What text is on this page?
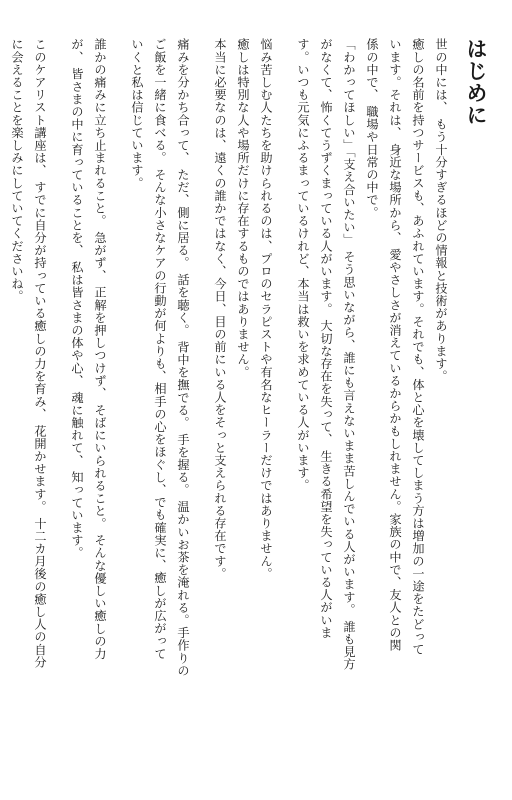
はじめに

世の中には、 もう十分すぎるほどの情報と技術があります。
癒しの名前を持つサービスも、あふれています。それでも、体と心を壊してしまう方は増加の一途をたどって
います。それは、 身近な場所から、 愛やさしさが消えているからかもしれません。家族の中で、友人との関
係の中で、 職場や日常の中で。
「わかってほしい」「支え合いたい」 そう思いながら、誰にも言えないまま苦しんでいる人がいます。 誰も見方
がなくて、怖くてうずくまっている人がいます。 大切な存在を失って、 生きる希望を失っている人がいま
す。いつも元気にふるまっているけれど、本当は救いを求めている人がいます。

悩み苦しむ人たちを助けられるのは、プロのセラピストや有名なヒーラーだけではありません。
癒しは特別な人や場所だけに存在するものではありません。
本当に必要なのは、遠くの誰かではなく、今日、目の前にいる人をそっと支えられる存在です。

痛みを分かち合って、 ただ、側に居る。 話を聴く。 背中を撫でる。 手を握る。 温かいお茶を淹れる。手作りの
ご飯を一緒に食べる。 そんな小さなケアの行動が何よりも、相手の心をほぐし、でも確実に、癒しが広がって
いくと私は信じています。

誰かの痛みに立ち止まれること。 急がず、 正解を押しつけず、 そばにいられること。 そんな優しい癒しの力
が、 皆さまの中に育っていることを、 私は皆さまの体や心、 魂に触れて、 知っています。

このケアリスト講座は、 すでに自分が持っている癒しの力を育み、 花開かせます。 十二カ月後の癒し人の自分
に会えることを楽しみにしていてくださいね。
